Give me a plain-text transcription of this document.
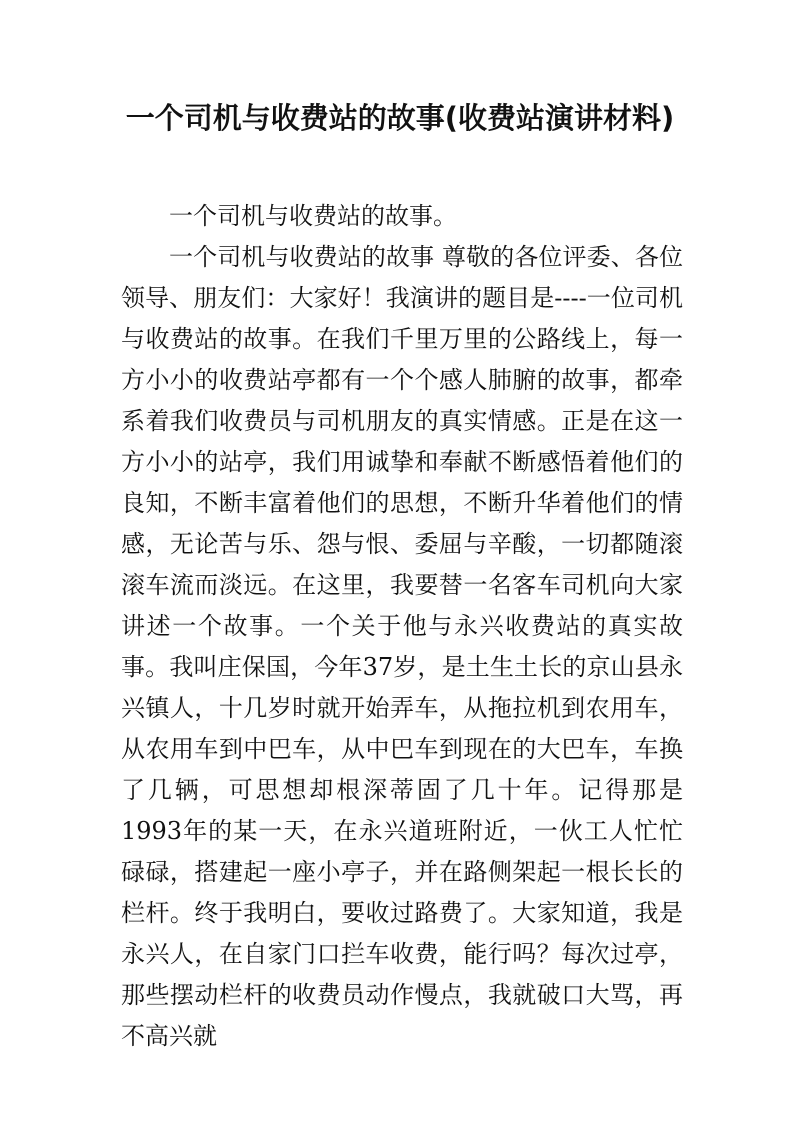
一个司机与收费站的故事(收费站演讲材料)

一个司机与收费站的故事。

一个司机与收费站的故事 尊敬的各位评委、各位领导、朋友们：大家好！我演讲的题目是----一位司机与收费站的故事。在我们千里万里的公路线上，每一方小小的收费站亭都有一个个感人肺腑的故事，都牵系着我们收费员与司机朋友的真实情感。正是在这一方小小的站亭，我们用诚挚和奉献不断感悟着他们的良知，不断丰富着他们的思想，不断升华着他们的情感，无论苦与乐、怨与恨、委屈与辛酸，一切都随滚滚车流而淡远。在这里，我要替一名客车司机向大家讲述一个故事。一个关于他与永兴收费站的真实故事。我叫庄保国，今年37岁，是土生土长的京山县永兴镇人，十几岁时就开始弄车，从拖拉机到农用车，从农用车到中巴车，从中巴车到现在的大巴车，车换了几辆，可思想却根深蒂固了几十年。记得那是1993年的某一天，在永兴道班附近，一伙工人忙忙碌碌，搭建起一座小亭子，并在路侧架起一根长长的栏杆。终于我明白，要收过路费了。大家知道，我是永兴人，在自家门口拦车收费，能行吗？每次过亭，那些摆动栏杆的收费员动作慢点，我就破口大骂，再不高兴就
